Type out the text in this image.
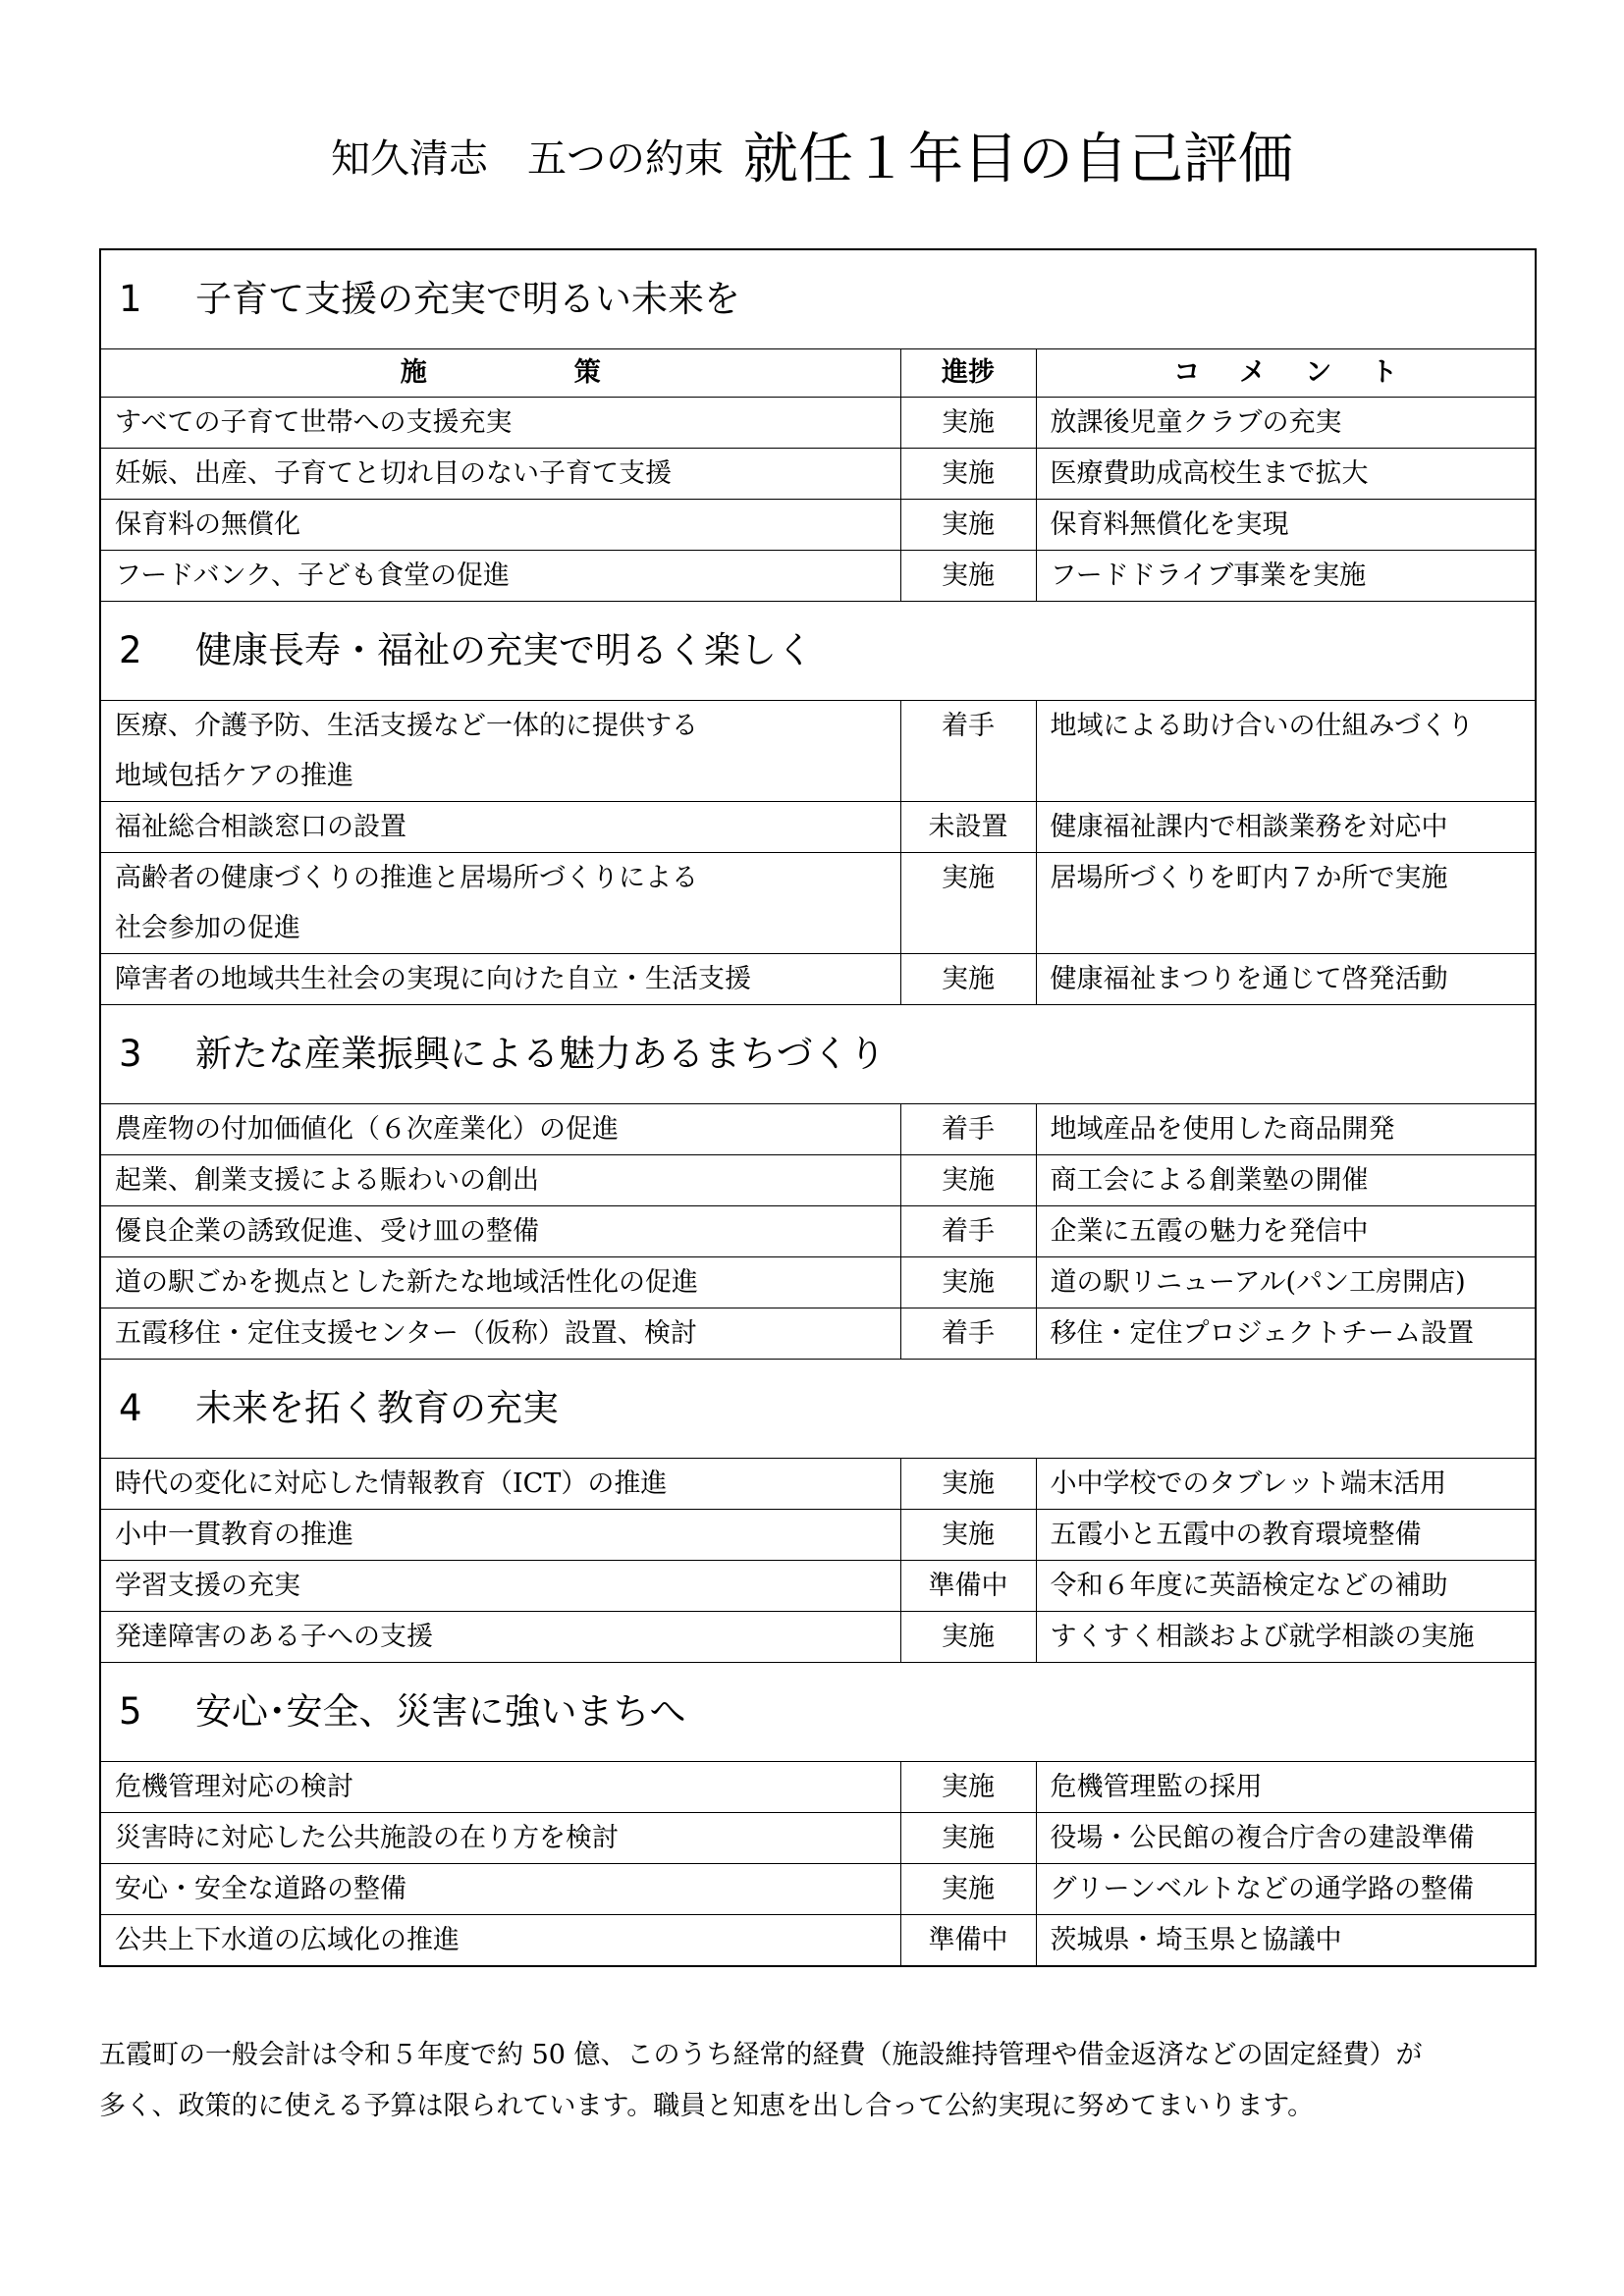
知久清志　五つの約束 就任１年目の自己評価
1 子育て支援の充実で明るい未来を		
施策	進捗	コメント

すべての子育て世帯への支援充実	実施	放課後児童クラブの充実

妊娠、出産、子育てと切れ目のない子育て支援	実施	医療費助成高校生まで拡大

保育料の無償化	実施	保育料無償化を実現

フードバンク、子ども食堂の促進	実施	フードドライブ事業を実施
2 健康長寿・福祉の充実で明るく楽しく		

医療、介護予防、生活支援など一体的に提供する
地域包括ケアの推進	着手	地域による助け合いの仕組みづくり

福祉総合相談窓口の設置	未設置	健康福祉課内で相談業務を対応中

高齢者の健康づくりの推進と居場所づくりによる
社会参加の促進	実施	居場所づくりを町内７か所で実施

障害者の地域共生社会の実現に向けた自立・生活支援	実施	健康福祉まつりを通じて啓発活動
3 新たな産業振興による魅力あるまちづくり		

農産物の付加価値化（６次産業化）の促進	着手	地域産品を使用した商品開発

起業、創業支援による賑わいの創出	実施	商工会による創業塾の開催

優良企業の誘致促進、受け皿の整備	着手	企業に五霞の魅力を発信中

道の駅ごかを拠点とした新たな地域活性化の促進	実施	道の駅リニューアル(パン工房開店)

五霞移住・定住支援センター（仮称）設置、検討	着手	移住・定住プロジェクトチーム設置
4 未来を拓く教育の充実		

時代の変化に対応した情報教育（ICT）の推進	実施	小中学校でのタブレット端末活用

小中一貫教育の推進	実施	五霞小と五霞中の教育環境整備

学習支援の充実	準備中	令和６年度に英語検定などの補助

発達障害のある子への支援	実施	すくすく相談および就学相談の実施
5 安心･安全、災害に強いまちへ		

危機管理対応の検討	実施	危機管理監の採用

災害時に対応した公共施設の在り方を検討	実施	役場・公民館の複合庁舎の建設準備

安心・安全な道路の整備	実施	グリーンベルトなどの通学路の整備

公共上下水道の広域化の推進	準備中	茨城県・埼玉県と協議中
五霞町の一般会計は令和５年度で約 50 億、このうち経常的経費（施設維持管理や借金返済などの固定経費）が
多く、政策的に使える予算は限られています。職員と知恵を出し合って公約実現に努めてまいります。
